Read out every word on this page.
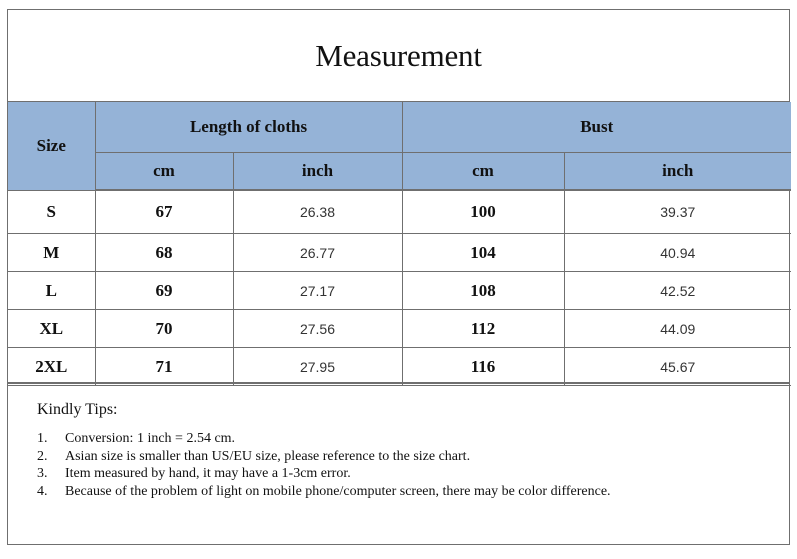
Measurement
Size	Length of cloths		Bust	
	cm	inch	cm	inch
S	67	26.38	100	39.37
M	68	26.77	104	40.94
L	69	27.17	108	42.52
XL	70	27.56	112	44.09
2XL	71	27.95	116	45.67

Kindly Tips:

1.	Conversion: 1 inch = 2.54 cm.
2.	Asian size is smaller than US/EU size, please reference to the size chart.
3.	Item measured by hand, it may have a 1-3cm error.
4.	Because of the problem of light on mobile phone/computer screen, there may be color difference.
